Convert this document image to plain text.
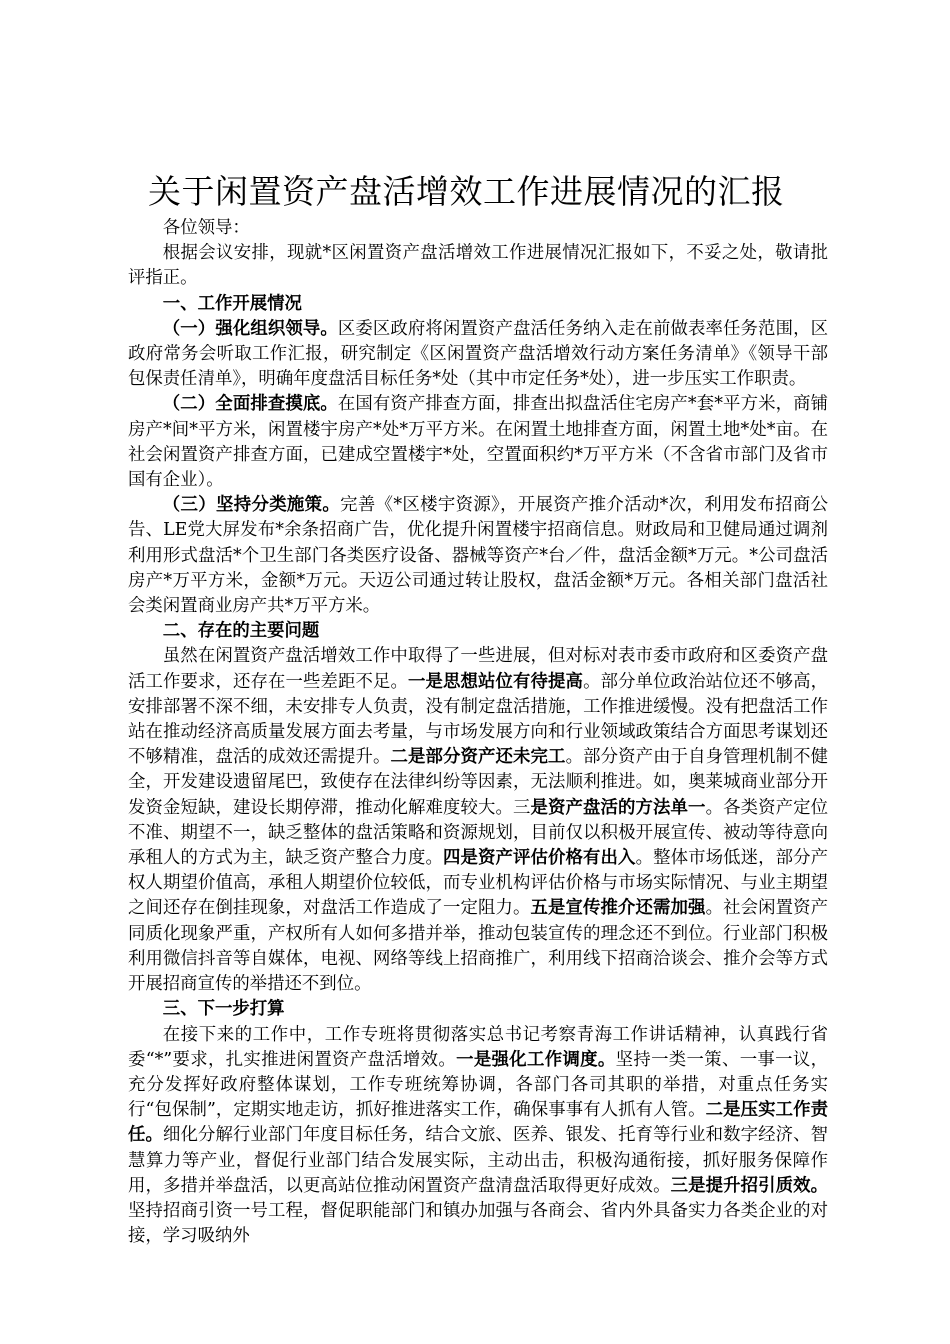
关于闲置资产盘活增效工作进展情况的汇报

各位领导：

根据会议安排，现就*区闲置资产盘活增效工作进展情况汇报如下，不妥之处，敬请批评指正。

一、工作开展情况

（一）强化组织领导。区委区政府将闲置资产盘活任务纳入走在前做表率任务范围，区政府常务会听取工作汇报，研究制定《区闲置资产盘活增效行动方案任务清单》《领导干部包保责任清单》，明确年度盘活目标任务*处（其中市定任务*处），进一步压实工作职责。

（二）全面排查摸底。在国有资产排查方面，排查出拟盘活住宅房产*套*平方米，商铺房产*间*平方米，闲置楼宇房产*处*万平方米。在闲置土地排查方面，闲置土地*处*亩。在社会闲置资产排查方面，已建成空置楼宇*处，空置面积约*万平方米（不含省市部门及省市国有企业）。

（三）坚持分类施策。完善《*区楼宇资源》，开展资产推介活动*次，利用发布招商公告、LE党大屏发布*余条招商广告，优化提升闲置楼宇招商信息。财政局和卫健局通过调剂利用形式盘活*个卫生部门各类医疗设备、器械等资产*台／件，盘活金额*万元。*公司盘活房产*万平方米，金额*万元。天迈公司通过转让股权，盘活金额*万元。各相关部门盘活社会类闲置商业房产共*万平方米。

二、存在的主要问题

虽然在闲置资产盘活增效工作中取得了一些进展，但对标对表市委市政府和区委资产盘活工作要求，还存在一些差距不足。一是思想站位有待提高。部分单位政治站位还不够高，安排部署不深不细，未安排专人负责，没有制定盘活措施，工作推进缓慢。没有把盘活工作站在推动经济高质量发展方面去考量，与市场发展方向和行业领域政策结合方面思考谋划还不够精准，盘活的成效还需提升。二是部分资产还未完工。部分资产由于自身管理机制不健全，开发建设遗留尾巴，致使存在法律纠纷等因素，无法顺利推进。如，奥莱城商业部分开发资金短缺，建设长期停滞，推动化解难度较大。三是资产盘活的方法单一。各类资产定位不准、期望不一，缺乏整体的盘活策略和资源规划，目前仅以积极开展宣传、被动等待意向承租人的方式为主，缺乏资产整合力度。四是资产评估价格有出入。整体市场低迷，部分产权人期望价值高，承租人期望价位较低，而专业机构评估价格与市场实际情况、与业主期望之间还存在倒挂现象，对盘活工作造成了一定阻力。五是宣传推介还需加强。社会闲置资产同质化现象严重，产权所有人如何多措并举，推动包装宣传的理念还不到位。行业部门积极利用微信抖音等自媒体，电视、网络等线上招商推广，利用线下招商洽谈会、推介会等方式开展招商宣传的举措还不到位。

三、下一步打算

在接下来的工作中，工作专班将贯彻落实总书记考察青海工作讲话精神，认真践行省委“*”要求，扎实推进闲置资产盘活增效。一是强化工作调度。坚持一类一策、一事一议，充分发挥好政府整体谋划，工作专班统筹协调，各部门各司其职的举措，对重点任务实行“包保制”，定期实地走访，抓好推进落实工作，确保事事有人抓有人管。二是压实工作责任。细化分解行业部门年度目标任务，结合文旅、医养、银发、托育等行业和数字经济、智慧算力等产业，督促行业部门结合发展实际，主动出击，积极沟通衔接，抓好服务保障作用，多措并举盘活，以更高站位推动闲置资产盘清盘活取得更好成效。三是提升招引质效。坚持招商引资一号工程，督促职能部门和镇办加强与各商会、省内外具备实力各类企业的对接，学习吸纳外
